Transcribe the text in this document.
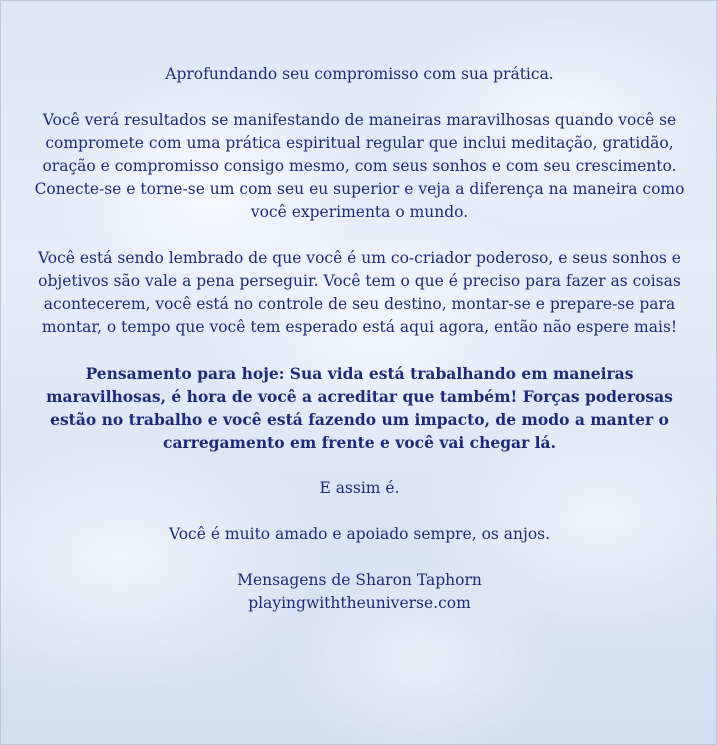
Aprofundando seu compromisso com sua prática.

Você verá resultados se manifestando de maneiras maravilhosas quando você se compromete com uma prática espiritual regular que inclui meditação, gratidão, oração e compromisso consigo mesmo, com seus sonhos e com seu crescimento. Conecte-se e torne-se um com seu eu superior e veja a diferença na maneira como você experimenta o mundo.

Você está sendo lembrado de que você é um co-criador poderoso, e seus sonhos e objetivos são vale a pena perseguir. Você tem o que é preciso para fazer as coisas acontecerem, você está no controle de seu destino, montar-se e prepare-se para montar, o tempo que você tem esperado está aqui agora, então não espere mais!

Pensamento para hoje: Sua vida está trabalhando em maneiras maravilhosas, é hora de você a acreditar que também! Forças poderosas estão no trabalho e você está fazendo um impacto, de modo a manter o carregamento em frente e você vai chegar lá.

E assim é.

Você é muito amado e apoiado sempre, os anjos.

Mensagens de Sharon Taphorn

playingwiththeuniverse.com
